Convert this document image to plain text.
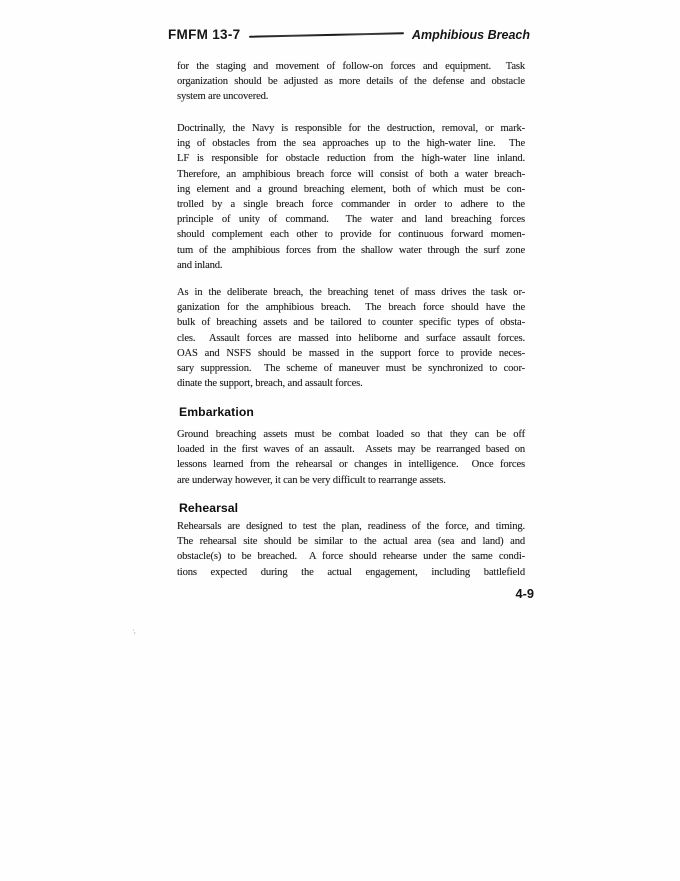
FMFM 13-7	Amphibious Breach
for the staging and movement of follow-on forces and equipment.  Task
organization should be adjusted as more details of the defense and obstacle
system are uncovered.
Doctrinally, the Navy is responsible for the destruction, removal, or mark-
ing of obstacles from the sea approaches up to the high-water line.  The
LF is responsible for obstacle reduction from the high-water line inland.
Therefore, an amphibious breach force will consist of both a water breach-
ing element and a ground breaching element, both of which must be con-
trolled by a single breach force commander in order to adhere to the
principle of unity of command.  The water and land breaching forces
should complement each other to provide for continuous forward momen-
tum of the amphibious forces from the shallow water through the surf zone
and inland.
As in the deliberate breach, the breaching tenet of mass drives the task or-
ganization for the amphibious breach.  The breach force should have the
bulk of breaching assets and be tailored to counter specific types of obsta-
cles.  Assault forces are massed into heliborne and surface assault forces.
OAS and NSFS should be massed in the support force to provide neces-
sary suppression.  The scheme of maneuver must be synchronized to coor-
dinate the support, breach, and assault forces.
Embarkation
Ground breaching assets must be combat loaded so that they can be off
loaded in the first waves of an assault.  Assets may be rearranged based on
lessons learned from the rehearsal or changes in intelligence.  Once forces
are underway however, it can be very difficult to rearrange assets.
Rehearsal
Rehearsals are designed to test the plan, readiness of the force, and timing.
The rehearsal site should be similar to the actual area (sea and land) and
obstacle(s) to be breached.  A force should rehearse under the same condi-
tions expected during the actual engagement, including battlefield
4-9
·,
